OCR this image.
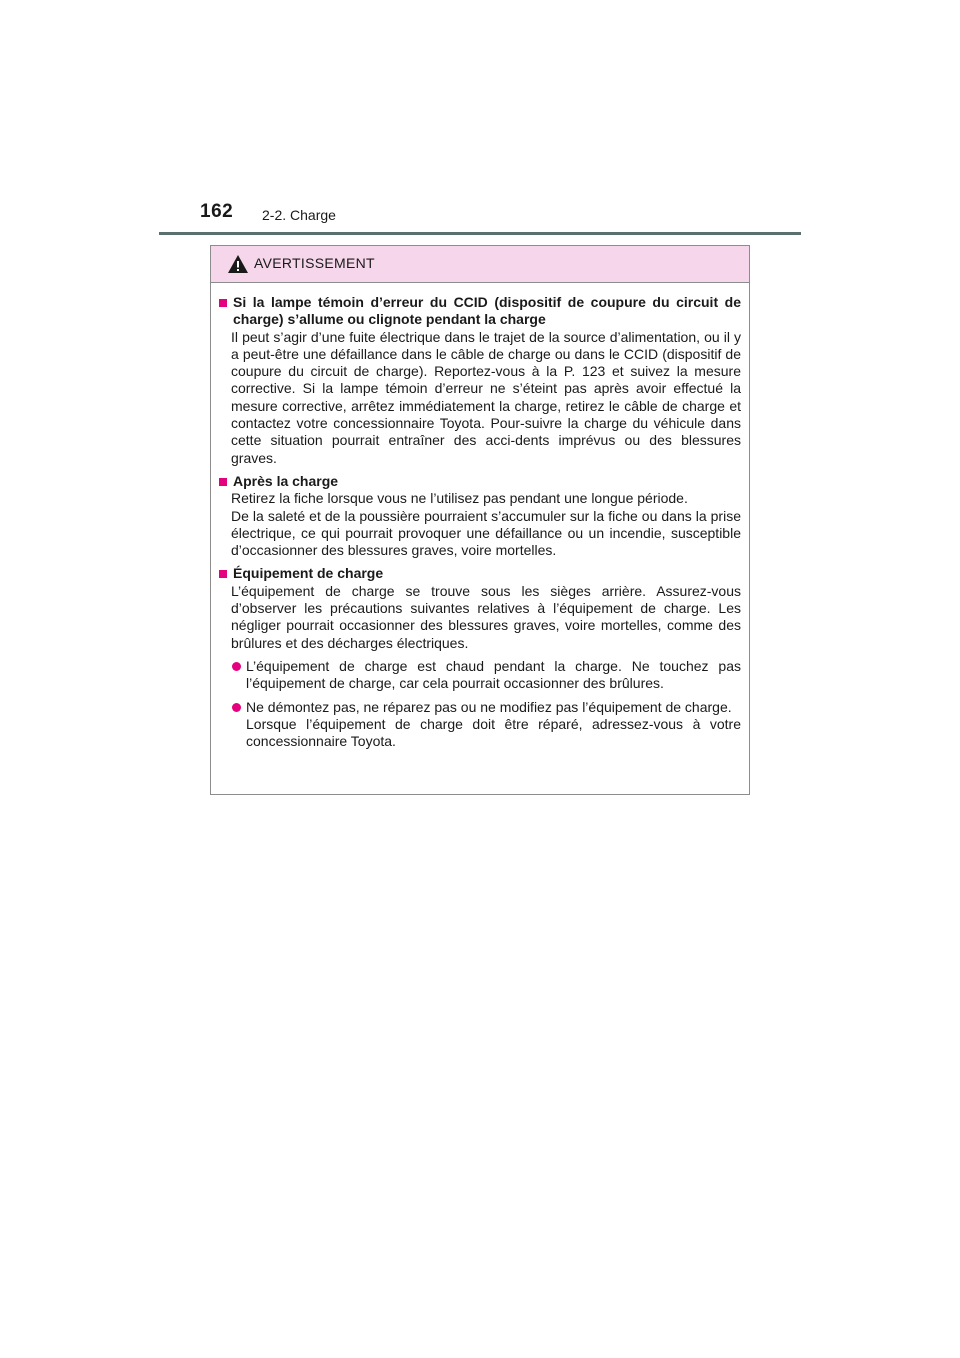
162 2-2. Charge
AVERTISSEMENT
Si la lampe témoin d’erreur du CCID (dispositif de coupure du circuit de charge) s’allume ou clignote pendant la charge
Il peut s’agir d’une fuite électrique dans le trajet de la source d’alimentation, ou il y a peut-être une défaillance dans le câble de charge ou dans le CCID (dispositif de coupure du circuit de charge). Reportez-vous à la P. 123 et suivez la mesure corrective. Si la lampe témoin d’erreur ne s’éteint pas après avoir effectué la mesure corrective, arrêtez immédiatement la charge, retirez le câble de charge et contactez votre concessionnaire Toyota. Pour-suivre la charge du véhicule dans cette situation pourrait entraîner des acci-dents imprévus ou des blessures graves.
Après la charge
Retirez la fiche lorsque vous ne l’utilisez pas pendant une longue période.
De la saleté et de la poussière pourraient s’accumuler sur la fiche ou dans la prise électrique, ce qui pourrait provoquer une défaillance ou un incendie, susceptible d’occasionner des blessures graves, voire mortelles.
Équipement de charge
L’équipement de charge se trouve sous les sièges arrière. Assurez-vous d’observer les précautions suivantes relatives à l’équipement de charge. Les négliger pourrait occasionner des blessures graves, voire mortelles, comme des brûlures et des décharges électriques.
L’équipement de charge est chaud pendant la charge. Ne touchez pas l’équipement de charge, car cela pourrait occasionner des brûlures.
Ne démontez pas, ne réparez pas ou ne modifiez pas l’équipement de charge.
Lorsque l’équipement de charge doit être réparé, adressez-vous à votre concessionnaire Toyota.
